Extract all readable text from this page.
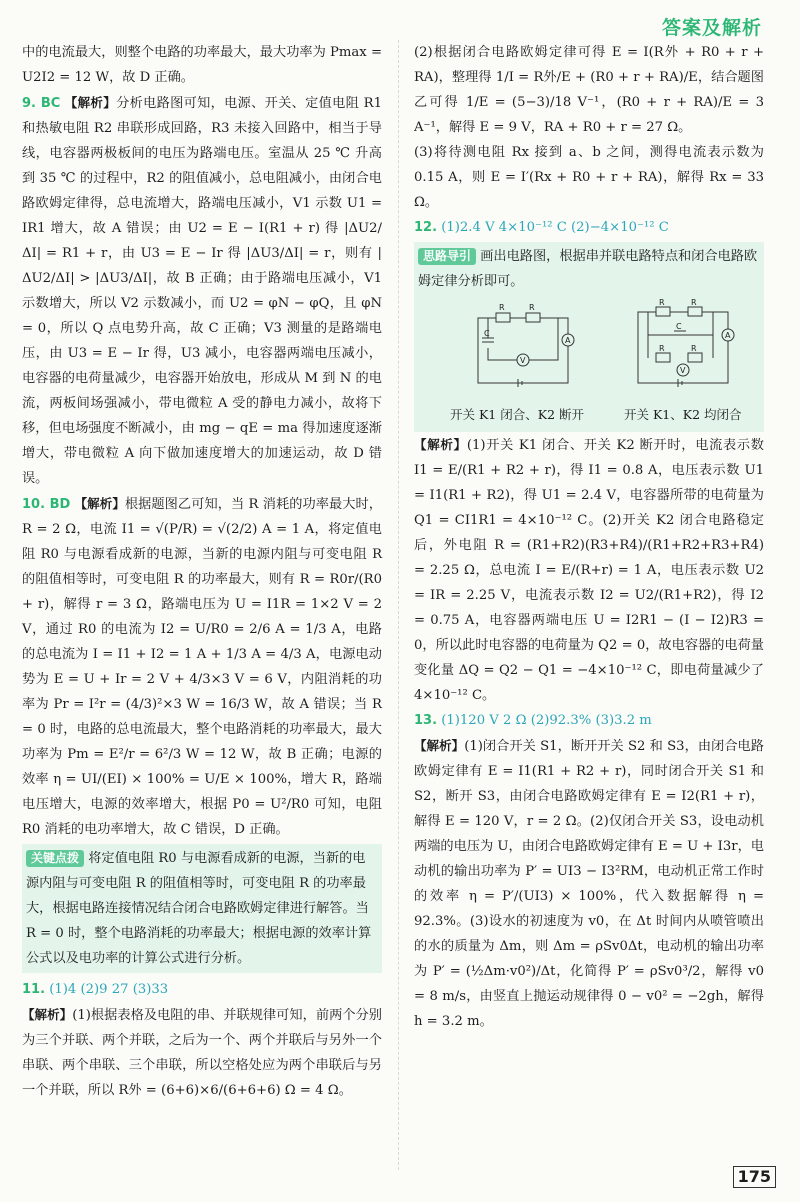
答案及解析

中的电流最大，则整个电路的功率最大，最大功率为 Pmax = U2I2 = 12 W，故 D 正确。

9. BC 【解析】分析电路图可知，电源、开关、定值电阻 R1 和热敏电阻 R2 串联形成回路，R3 未接入回路中，相当于导线，电容器两极板间的电压为路端电压。室温从 25 ℃ 升高到 35 ℃ 的过程中，R2 的阻值减小，总电阻减小，由闭合电路欧姆定律得，总电流增大，路端电压减小，V1 示数 U1 = IR1 增大，故 A 错误；由 U2 = E − I(R1 + r) 得 |ΔU2/ΔI| = R1 + r，由 U3 = E − Ir 得 |ΔU3/ΔI| = r，则有 |ΔU2/ΔI| > |ΔU3/ΔI|，故 B 正确；由于路端电压减小，V1 示数增大，所以 V2 示数减小，而 U2 = φN − φQ，且 φN = 0，所以 Q 点电势升高，故 C 正确；V3 测量的是路端电压，由 U3 = E − Ir 得，U3 减小，电容器两端电压减小，电容器的电荷量减少，电容器开始放电，形成从 M 到 N 的电流，两板间场强减小，带电微粒 A 受的静电力减小，故将下移，但电场强度不断减小，由 mg − qE = ma 得加速度逐渐增大，带电微粒 A 向下做加速度增大的加速运动，故 D 错误。

10. BD 【解析】根据题图乙可知，当 R 消耗的功率最大时，R = 2 Ω，电流 I1 = √(P/R) = √(2/2) A = 1 A，将定值电阻 R0 与电源看成新的电源，当新的电源内阻与可变电阻 R 的阻值相等时，可变电阻 R 的功率最大，则有 R = R0r/(R0 + r)，解得 r = 3 Ω，路端电压为 U = I1R = 1×2 V = 2 V，通过 R0 的电流为 I2 = U/R0 = 2/6 A = 1/3 A，电路的总电流为 I = I1 + I2 = 1 A + 1/3 A = 4/3 A，电源电动势为 E = U + Ir = 2 V + 4/3×3 V = 6 V，内阻消耗的功率为 Pr = I²r = (4/3)²×3 W = 16/3 W，故 A 错误；当 R = 0 时，电路的总电流最大，整个电路消耗的功率最大，最大功率为 Pm = E²/r = 6²/3 W = 12 W，故 B 正确；电源的效率 η = UI/(EI) × 100% = U/E × 100%，增大 R，路端电压增大，电源的效率增大，根据 P0 = U²/R0 可知，电阻 R0 消耗的电功率增大，故 C 错误，D 正确。

关键点拨 将定值电阻 R0 与电源看成新的电源，当新的电源内阻与可变电阻 R 的阻值相等时，可变电阻 R 的功率最大，根据电路连接情况结合闭合电路欧姆定律进行解答。当 R = 0 时，整个电路消耗的功率最大；根据电源的效率计算公式以及电功率的计算公式进行分析。

11. (1)4 (2)9 27 (3)33

【解析】(1)根据表格及电阻的串、并联规律可知，前两个分别为三个并联、两个并联，之后为一个、两个并联后与另外一个串联、两个串联、三个串联，所以空格处应为两个串联后与另一个并联，所以 R外 = (6+6)×6/(6+6+6) Ω = 4 Ω。

(2)根据闭合电路欧姆定律可得 E = I(R外 + R0 + r + RA)，整理得 1/I = R外/E + (R0 + r + RA)/E，结合题图乙可得 1/E = (5−3)/18 V⁻¹，(R0 + r + RA)/E = 3 A⁻¹，解得 E = 9 V，RA + R0 + r = 27 Ω。

(3)将待测电阻 Rx 接到 a、b 之间，测得电流表示数为 0.15 A，则 E = I′(Rx + R0 + r + RA)，解得 Rx = 33 Ω。

12. (1)2.4 V 4×10⁻¹² C (2)−4×10⁻¹² C

思路导引 画出电路图，根据串并联电路特点和闭合电路欧姆定律分析即可。
R	R
A
V
C
R	R
R	R
C
A
V
开关 K1 闭合、K2 断开	开关 K1、K2 均闭合

【解析】(1)开关 K1 闭合、开关 K2 断开时，电流表示数 I1 = E/(R1 + R2 + r)，得 I1 = 0.8 A，电压表示数 U1 = I1(R1 + R2)，得 U1 = 2.4 V，电容器所带的电荷量为 Q1 = CI1R1 = 4×10⁻¹² C。(2)开关 K2 闭合电路稳定后，外电阻 R = (R1+R2)(R3+R4)/(R1+R2+R3+R4) = 2.25 Ω，总电流 I = E/(R+r) = 1 A，电压表示数 U2 = IR = 2.25 V，电流表示数 I2 = U2/(R1+R2)，得 I2 = 0.75 A，电容器两端电压 U = I2R1 − (I − I2)R3 = 0，所以此时电容器的电荷量为 Q2 = 0，故电容器的电荷量变化量 ΔQ = Q2 − Q1 = −4×10⁻¹² C，即电荷量减少了 4×10⁻¹² C。

13. (1)120 V 2 Ω (2)92.3% (3)3.2 m

【解析】(1)闭合开关 S1，断开开关 S2 和 S3，由闭合电路欧姆定律有 E = I1(R1 + R2 + r)，同时闭合开关 S1 和 S2，断开 S3，由闭合电路欧姆定律有 E = I2(R1 + r)，解得 E = 120 V，r = 2 Ω。(2)仅闭合开关 S3，设电动机两端的电压为 U，由闭合电路欧姆定律有 E = U + I3r，电动机的输出功率为 P′ = UI3 − I3²RM，电动机正常工作时的效率 η = P′/(UI3) × 100%，代入数据解得 η = 92.3%。(3)设水的初速度为 v0，在 Δt 时间内从喷管喷出的水的质量为 Δm，则 Δm = ρSv0Δt，电动机的输出功率为 P′ = (½Δm·v0²)/Δt，化简得 P′ = ρSv0³/2，解得 v0 = 8 m/s，由竖直上抛运动规律得 0 − v0² = −2gh，解得 h = 3.2 m。

175
